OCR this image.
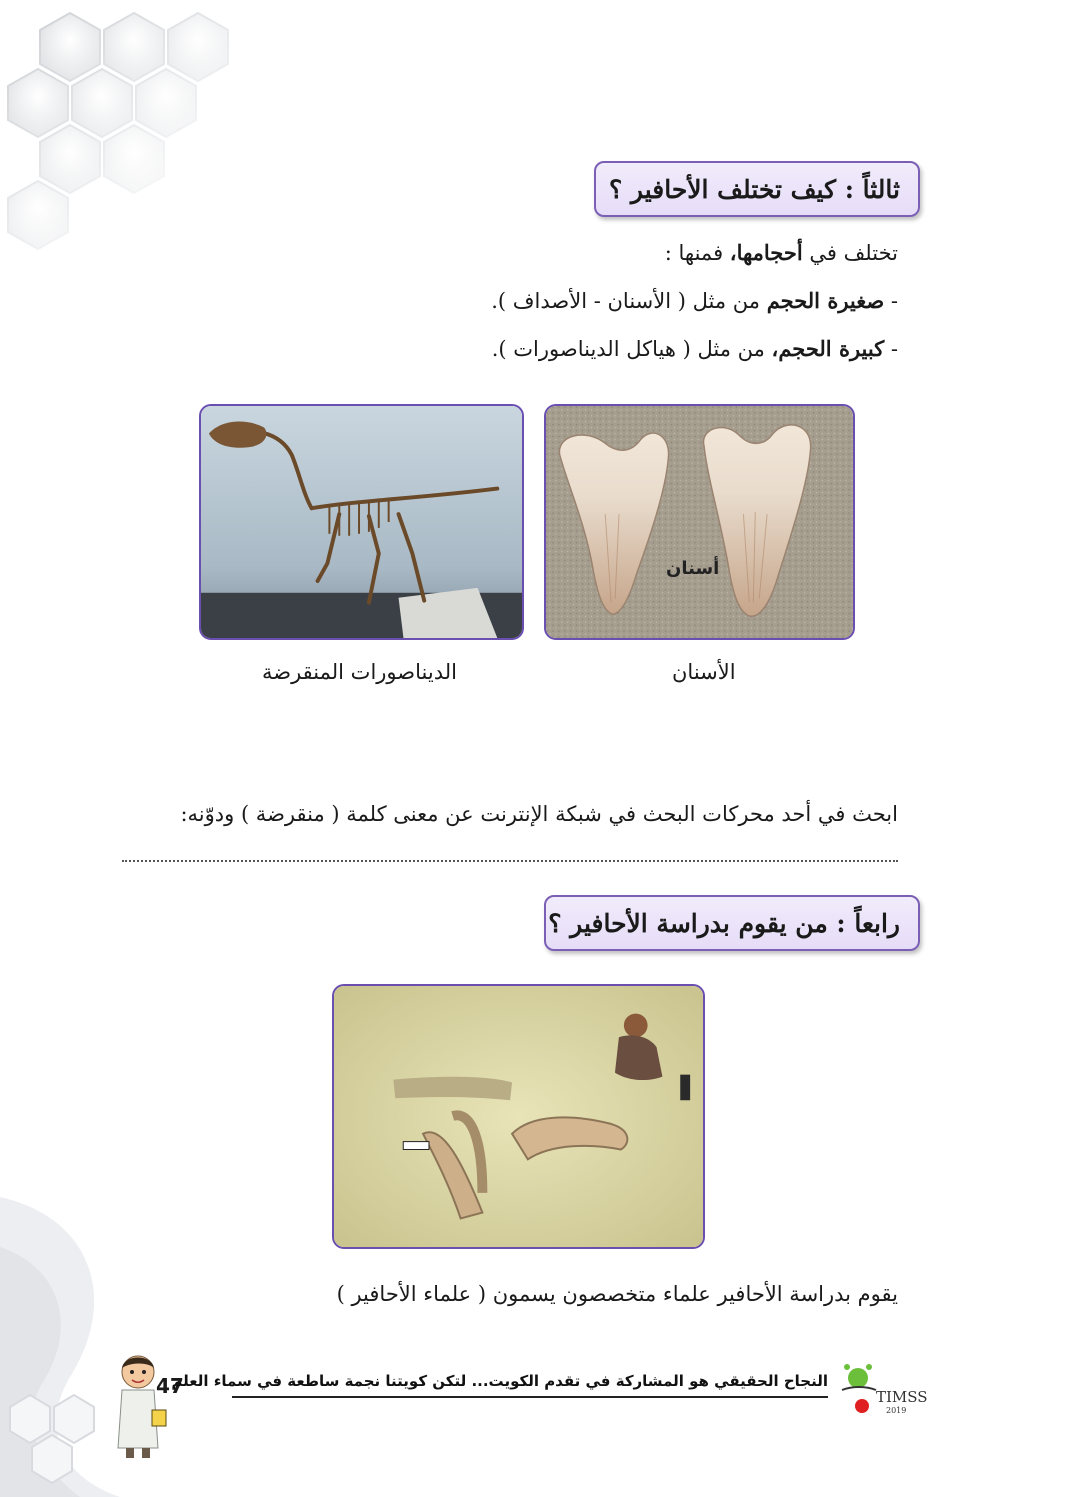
ثالثاً : كيف تختلف الأحافير ؟
تختلف في أحجامها، فمنها :
- صغيرة الحجم من مثل ( الأسنان - الأصداف ).
- كبيرة الحجم، من مثل ( هياكل الديناصورات ).
أسنان
الأسنان
الديناصورات المنقرضة
ابحث في أحد محركات البحث في شبكة الإنترنت عن معنى كلمة ( منقرضة ) ودوّنه:
رابعاً : من يقوم بدراسة الأحافير ؟
يقوم بدراسة الأحافير علماء متخصصون يسمون ( علماء الأحافير )
47
النجاح الحقيقي هو المشاركة في تقدم الكويت... لتكن كويتنا نجمة ساطعة في سماء العلم
TIMSS
2019
